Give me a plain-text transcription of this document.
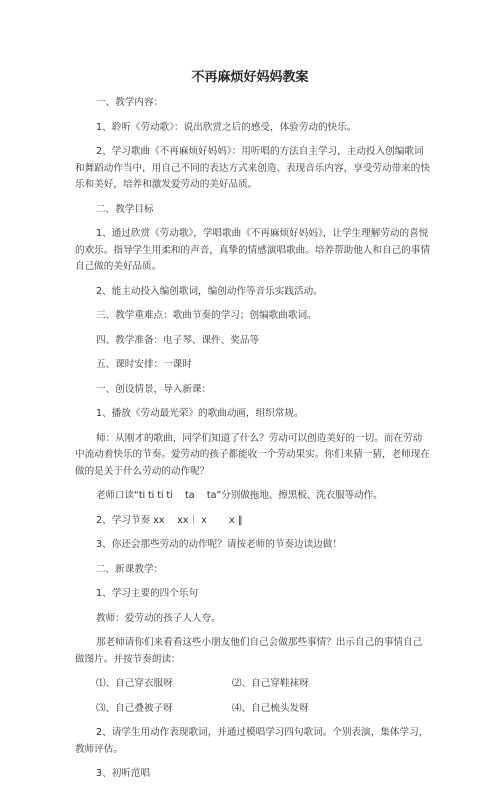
不再麻烦好妈妈教案

一、教学内容：

1、聆听《劳动歌》：说出欣赏之后的感受，体验劳动的快乐。

2、学习歌曲《不再麻烦好妈妈》：用听唱的方法自主学习，主动投入创编歌词和舞蹈动作当中，用自己不同的表达方式来创造、表现音乐内容，享受劳动带来的快乐和美好，培养和激发爱劳动的美好品质。

二、教学目标

1、通过欣赏《劳动歌》，学唱歌曲《不再麻烦好妈妈》，让学生理解劳动的喜悦的欢乐。指导学生用柔和的声音，真挚的情感演唱歌曲。培养帮助他人和自己的事情自己做的美好品质。

2、能主动投入编创歌词，编创动作等音乐实践活动。

三、教学重难点：歌曲节奏的学习；创编歌曲歌词。

四、教学准备：电子琴、课件、奖品等

五、课时安排：一课时

一、创设情景，导入新课：

1、播放《劳动最光荣》的歌曲动画，组织常规。

师：从刚才的歌曲，同学们知道了什么？劳动可以创造美好的一切。而在劳动中流动着快乐的节奏。爱劳动的孩子都能收一个劳动果实。你们来猜一猜，老师现在做的是关于什么劳动的动作呢？

老师口读“ti ti ti ti　 ta　 ta”分别做拖地、擦黑板、洗衣服等动作。

2、学习节奏 xx　 xx｜ x　　 x ‖

3、你还会那些劳动的动作呢？请按老师的节奏边读边做！

二、新课教学：

1、学习主要的四个乐句

教师：爱劳动的孩子人人夸。

那老师请你们来看看这些小朋友他们自己会做那些事情？出示自己的事情自己做图片。并按节奏朗读：

⑴、自己穿衣服呀	⑵、自己穿鞋袜呀
⑶、自己叠被子呀	⑷、自己梳头发呀

2、请学生用动作表现歌词，并通过模唱学习四句歌词。个别表演，集体学习，教师评估。

3、初听范唱
